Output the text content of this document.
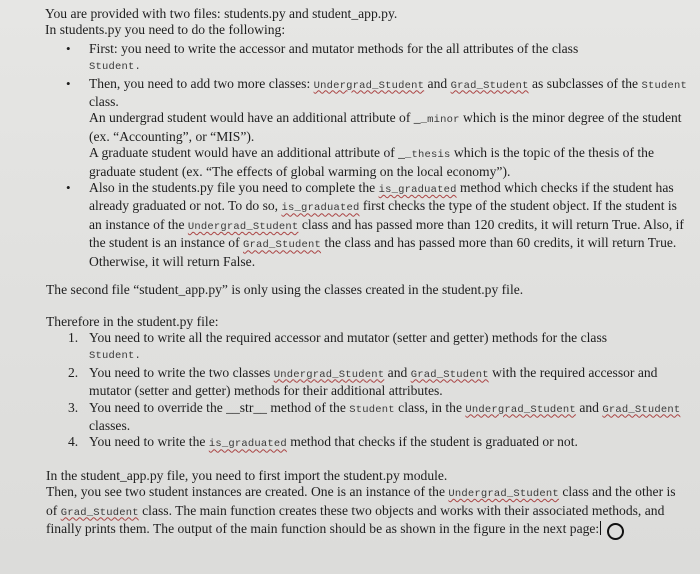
You are provided with two files: students.py and student_app.py.

In students.py you need to do the following:

• First: you need to write the accessor and mutator methods for the all attributes of the class
Student.
• Then, you need to add two more classes: Undergrad_Student and Grad_Student as subclasses of the Student class.

An undergrad student would have an additional attribute of __minor which is the minor degree of the student (ex. “Accounting”, or “MIS”).

A graduate student would have an additional attribute of __thesis which is the topic of the thesis of the graduate student (ex. “The effects of global warming on the local economy”).

• Also in the students.py file you need to complete the is_graduated method which checks if the student has already graduated or not. To do so, is_graduated first checks the type of the student object. If the student is an instance of the Undergrad_Student class and has passed more than 120 credits, it will return True. Also, if the student is an instance of Grad_Student the class and has passed more than 60 credits, it will return True. Otherwise, it will return False.

The second file “student_app.py” is only using the classes created in the student.py file.

Therefore in the student.py file:

1. You need to write all the required accessor and mutator (setter and getter) methods for the class
Student.
2. You need to write the two classes Undergrad_Student and Grad_Student with the required accessor and mutator (setter and getter) methods for their additional attributes.
3. You need to override the __str__ method of the Student class, in the Undergrad_Student and Grad_Student classes.
4. You need to write the is_graduated method that checks if the student is graduated or not.

In the student_app.py file, you need to first import the student.py module.
Then, you see two student instances are created. One is an instance of the Undergrad_Student class and the other is of Grad_Student class. The main function creates these two objects and works with their associated methods, and finally prints them. The output of the main function should be as shown in the figure in the next page:
